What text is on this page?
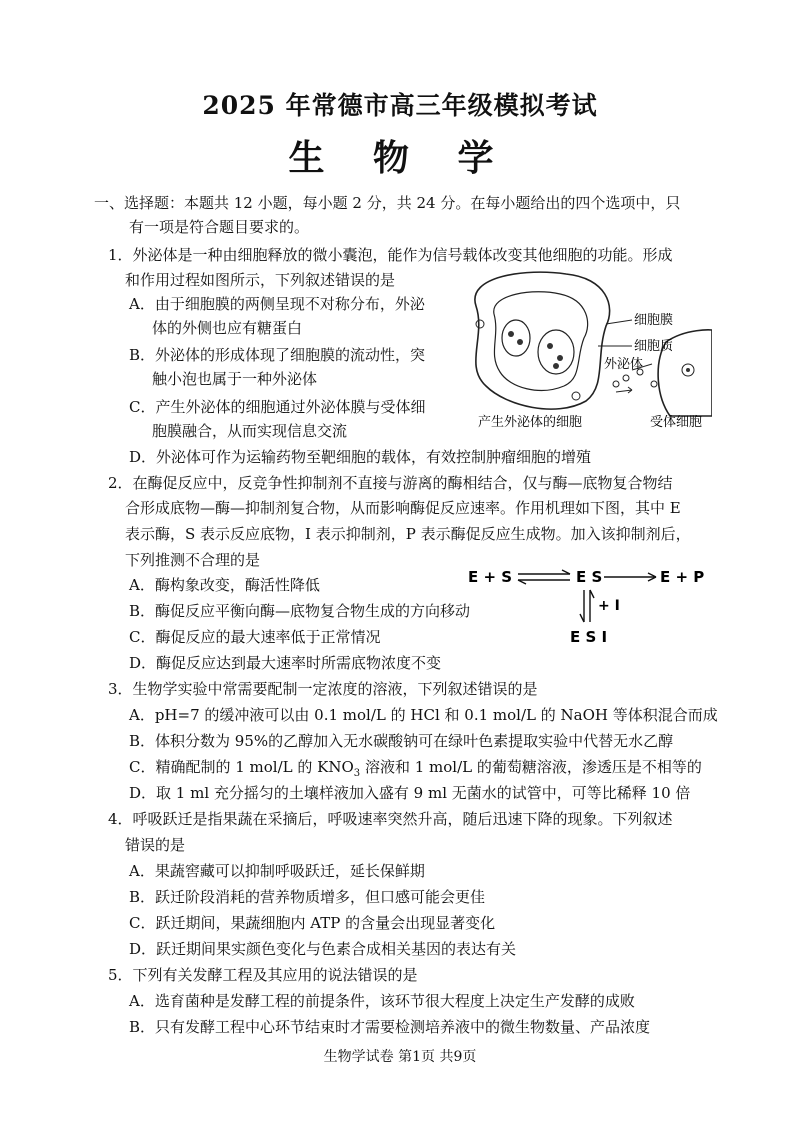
2025 年常德市高三年级模拟考试
生 物 学
一、选择题：本题共 12 小题，每小题 2 分，共 24 分。在每小题给出的四个选项中，只
有一项是符合题目要求的。
1．外泌体是一种由细胞释放的微小囊泡，能作为信号载体改变其他细胞的功能。形成
和作用过程如图所示，下列叙述错误的是
A．由于细胞膜的两侧呈现不对称分布，外泌
体的外侧也应有糖蛋白
B．外泌体的形成体现了细胞膜的流动性，突
触小泡也属于一种外泌体
C．产生外泌体的细胞通过外泌体膜与受体细
胞膜融合，从而实现信息交流
D．外泌体可作为运输药物至靶细胞的载体，有效控制肿瘤细胞的增殖
细胞膜
细胞质
外泌体
产生外泌体的细胞	受体细胞
2．在酶促反应中，反竞争性抑制剂不直接与游离的酶相结合，仅与酶—底物复合物结
合形成底物—酶—抑制剂复合物，从而影响酶促反应速率。作用机理如下图，其中 E
表示酶，S 表示反应底物，I 表示抑制剂，P 表示酶促反应生成物。加入该抑制剂后，
下列推测不合理的是
A．酶构象改变，酶活性降低
B．酶促反应平衡向酶—底物复合物生成的方向移动
C．酶促反应的最大速率低于正常情况
D．酶促反应达到最大速率时所需底物浓度不变
E + S	E S	E + P
+ I
E S I
3．生物学实验中常需要配制一定浓度的溶液，下列叙述错误的是
A．pH=7 的缓冲液可以由 0.1 mol/L 的 HCl 和 0.1 mol/L 的 NaOH 等体积混合而成
B．体积分数为 95%的乙醇加入无水碳酸钠可在绿叶色素提取实验中代替无水乙醇
C．精确配制的 1 mol/L 的 $KNO_3$ 溶液和 1 mol/L 的葡萄糖溶液，渗透压是不相等的
D．取 1 ml 充分摇匀的土壤样液加入盛有 9 ml 无菌水的试管中，可等比稀释 10 倍
4．呼吸跃迁是指果蔬在采摘后，呼吸速率突然升高，随后迅速下降的现象。下列叙述
错误的是
A．果蔬窖藏可以抑制呼吸跃迁，延长保鲜期
B．跃迁阶段消耗的营养物质增多，但口感可能会更佳
C．跃迁期间，果蔬细胞内 ATP 的含量会出现显著变化
D．跃迁期间果实颜色变化与色素合成相关基因的表达有关
5．下列有关发酵工程及其应用的说法错误的是
A．选育菌种是发酵工程的前提条件，该环节很大程度上决定生产发酵的成败
B．只有发酵工程中心环节结束时才需要检测培养液中的微生物数量、产品浓度
生物学试卷 第1页 共9页
